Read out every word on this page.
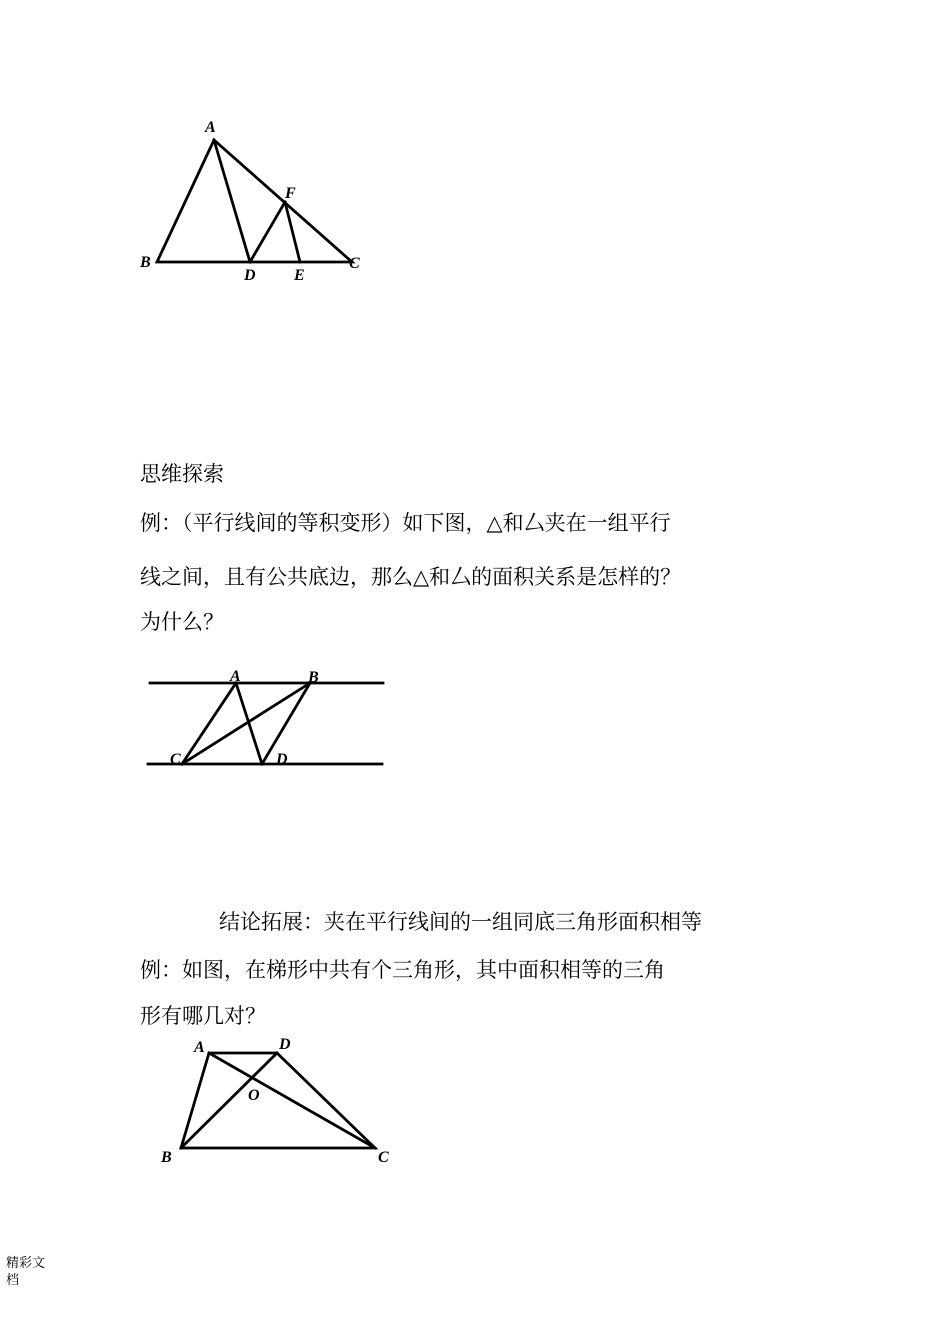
A
B	C
D E
F
思维探索
例：（平行线间的等积变形）如下图，△和厶夹在一组平行
线之间，且有公共底边，那么△和厶的面积关系是怎样的？
为什么？
A	B
C	D
结论拓展：夹在平行线间的一组同底三角形面积相等
例：如图，在梯形中共有个三角形，其中面积相等的三角
形有哪几对？
A	D
O
B	C
精彩文
档
